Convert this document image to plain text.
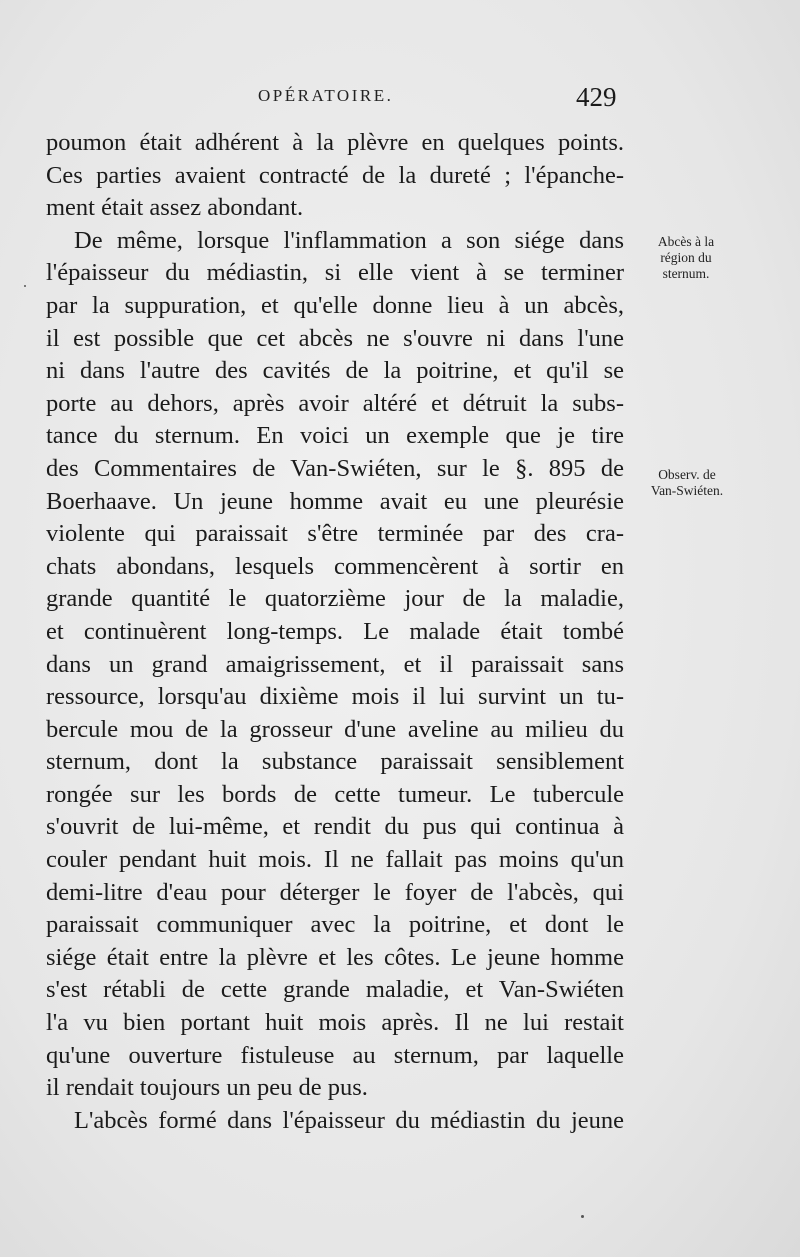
OPÉRATOIRE.	429
poumon était adhérent à la plèvre en quelques points.
Ces parties avaient contracté de la dureté ; l'épanche-
ment était assez abondant.
De même, lorsque l'inflammation a son siége dans
l'épaisseur du médiastin, si elle vient à se terminer
par la suppuration, et qu'elle donne lieu à un abcès,
il est possible que cet abcès ne s'ouvre ni dans l'une
ni dans l'autre des cavités de la poitrine, et qu'il se
porte au dehors, après avoir altéré et détruit la subs-
tance du sternum. En voici un exemple que je tire
des Commentaires de Van-Swiéten, sur le §. 895 de
Boerhaave. Un jeune homme avait eu une pleurésie
violente qui paraissait s'être terminée par des cra-
chats abondans, lesquels commencèrent à sortir en
grande quantité le quatorzième jour de la maladie,
et continuèrent long-temps. Le malade était tombé
dans un grand amaigrissement, et il paraissait sans
ressource, lorsqu'au dixième mois il lui survint un tu-
bercule mou de la grosseur d'une aveline au milieu du
sternum, dont la substance paraissait sensiblement
rongée sur les bords de cette tumeur. Le tubercule
s'ouvrit de lui-même, et rendit du pus qui continua à
couler pendant huit mois. Il ne fallait pas moins qu'un
demi-litre d'eau pour déterger le foyer de l'abcès, qui
paraissait communiquer avec la poitrine, et dont le
siége était entre la plèvre et les côtes. Le jeune homme
s'est rétabli de cette grande maladie, et Van-Swiéten
l'a vu bien portant huit mois après. Il ne lui restait
qu'une ouverture fistuleuse au sternum, par laquelle
il rendait toujours un peu de pus.
L'abcès formé dans l'épaisseur du médiastin du jeune
Abcès à la
région du
sternum.
Observ. de
Van-Swiéten.
